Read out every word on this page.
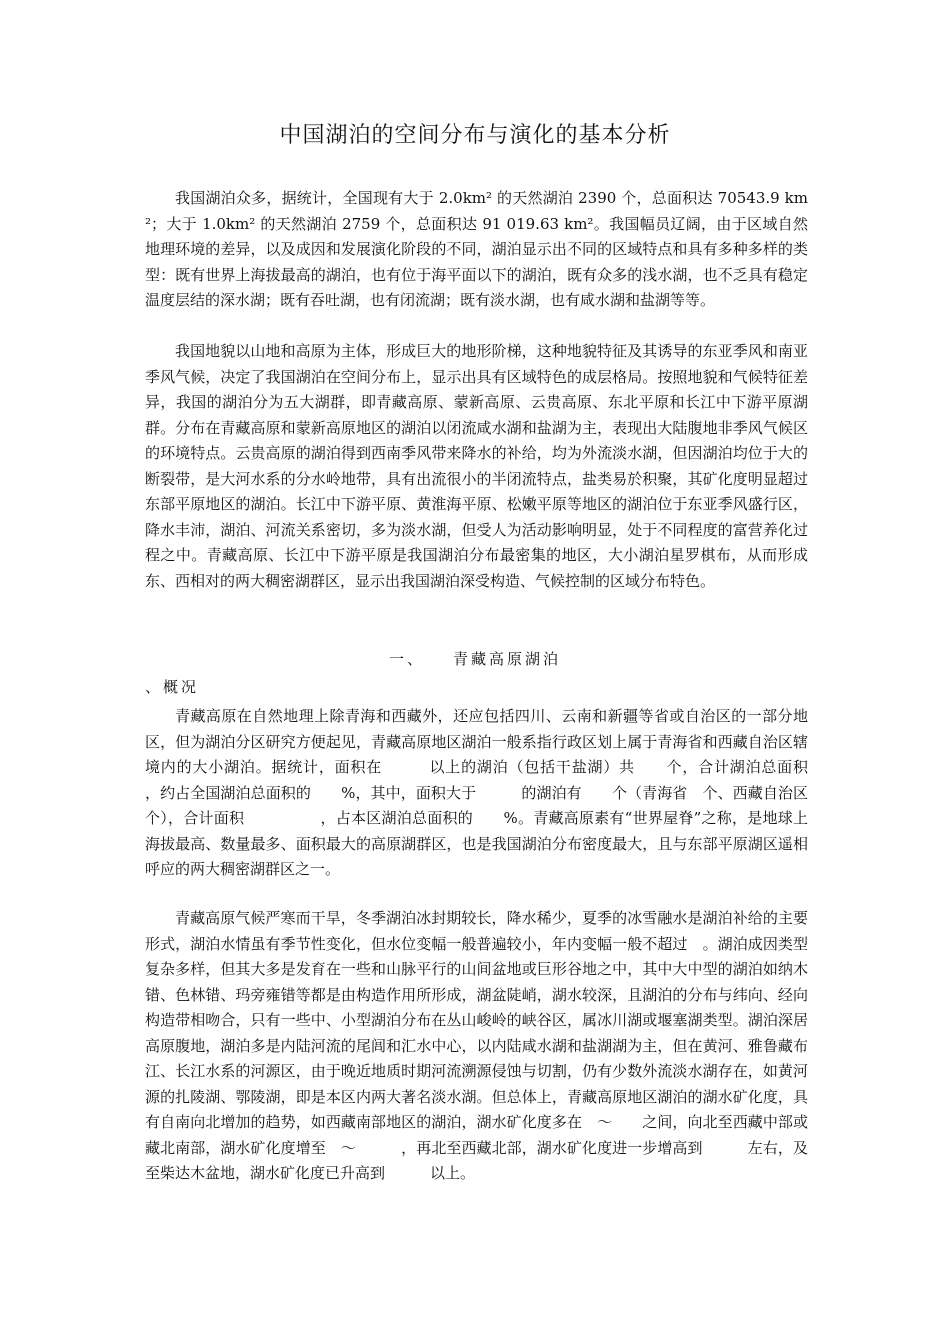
中国湖泊的空间分布与演化的基本分析

我国湖泊众多，据统计，全国现有大于 2.0km² 的天然湖泊 2390 个，总面积达 70543.9 km²；大于 1.0km² 的天然湖泊 2759 个，总面积达 91 019.63 km²。我国幅员辽阔，由于区域自然地理环境的差异，以及成因和发展演化阶段的不同，湖泊显示出不同的区域特点和具有多种多样的类型：既有世界上海拔最高的湖泊，也有位于海平面以下的湖泊，既有众多的浅水湖，也不乏具有稳定温度层结的深水湖；既有吞吐湖，也有闭流湖；既有淡水湖，也有咸水湖和盐湖等等。

我国地貌以山地和高原为主体，形成巨大的地形阶梯，这种地貌特征及其诱导的东亚季风和南亚季风气候，决定了我国湖泊在空间分布上，显示出具有区域特色的成层格局。按照地貌和气候特征差异，我国的湖泊分为五大湖群，即青藏高原、蒙新高原、云贵高原、东北平原和长江中下游平原湖群。分布在青藏高原和蒙新高原地区的湖泊以闭流咸水湖和盐湖为主，表现出大陆腹地非季风气候区的环境特点。云贵高原的湖泊得到西南季风带来降水的补给，均为外流淡水湖，但因湖泊均位于大的断裂带，是大河水系的分水岭地带，具有出流很小的半闭流特点，盐类易於积聚，其矿化度明显超过东部平原地区的湖泊。长江中下游平原、黄淮海平原、松嫩平原等地区的湖泊位于东亚季风盛行区，降水丰沛，湖泊、河流关系密切，多为淡水湖，但受人为活动影响明显，处于不同程度的富营养化过程之中。青藏高原、长江中下游平原是我国湖泊分布最密集的地区，大小湖泊星罗棋布，从而形成东、西相对的两大稠密湖群区，显示出我国湖泊深受构造、气候控制的区域分布特色。

一、 青藏高原湖泊
、概况

青藏高原在自然地理上除青海和西藏外，还应包括四川、云南和新疆等省或自治区的一部分地区，但为湖泊分区研究方便起见，青藏高原地区湖泊一般系指行政区划上属于青海省和西藏自治区辖境内的大小湖泊。据统计，面积在　　　以上的湖泊（包括干盐湖）共　　个，合计湖泊总面积　　　　　，约占全国湖泊总面积的　　%，其中，面积大于　　　的湖泊有　　个（青海省　个、西藏自治区　　个），合计面积　　　　　，占本区湖泊总面积的　　%。青藏高原素有“世界屋脊”之称，是地球上海拔最高、数量最多、面积最大的高原湖群区，也是我国湖泊分布密度最大，且与东部平原湖区遥相呼应的两大稠密湖群区之一。

青藏高原气候严寒而干旱，冬季湖泊冰封期较长，降水稀少，夏季的冰雪融水是湖泊补给的主要形式，湖泊水情虽有季节性变化，但水位变幅一般普遍较小，年内变幅一般不超过　。湖泊成因类型复杂多样，但其大多是发育在一些和山脉平行的山间盆地或巨形谷地之中，其中大中型的湖泊如纳木错、色林错、玛旁雍错等都是由构造作用所形成，湖盆陡峭，湖水较深，且湖泊的分布与纬向、经向构造带相吻合，只有一些中、小型湖泊分布在丛山峻岭的峡谷区，属冰川湖或堰塞湖类型。湖泊深居高原腹地，湖泊多是内陆河流的尾闾和汇水中心，以内陆咸水湖和盐湖湖为主，但在黄河、雅鲁藏布江、长江水系的河源区，由于晚近地质时期河流溯源侵蚀与切割，仍有少数外流淡水湖存在，如黄河源的扎陵湖、鄂陵湖，即是本区内两大著名淡水湖。但总体上，青藏高原地区湖泊的湖水矿化度，具有自南向北增加的趋势，如西藏南部地区的湖泊，湖水矿化度多在　～　　之间，向北至西藏中部或藏北南部，湖水矿化度增至　～　　　，再北至西藏北部，湖水矿化度进一步增高到　　　左右，及至柴达木盆地，湖水矿化度已升高到　　　以上。
